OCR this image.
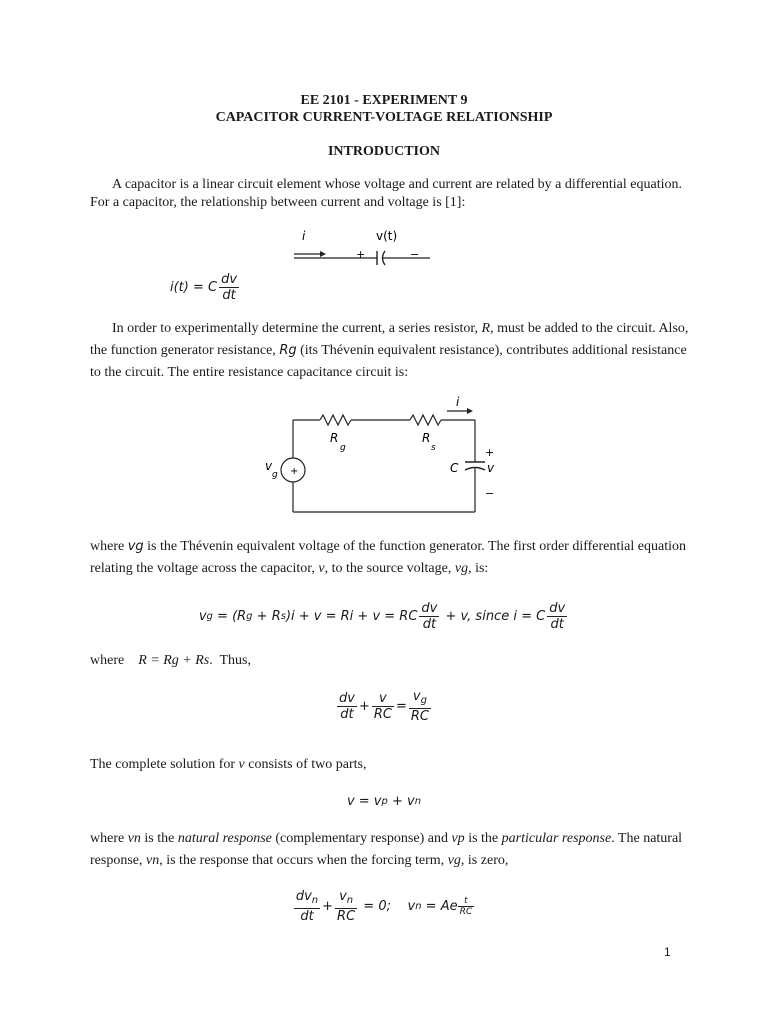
EE 2101 - EXPERIMENT 9
CAPACITOR CURRENT-VOLTAGE RELATIONSHIP
INTRODUCTION
A capacitor is a linear circuit element whose voltage and current are related by a differential equation. For a capacitor, the relationship between current and voltage is [1]:
i	v(t)
+	−
i(t) = C $\frac{dv}{dt}$
In order to experimentally determine the current, a series resistor, R, must be added to the circuit. Also, the function generator resistance, Rg (its Thévenin equivalent resistance), contributes additional resistance to the circuit. The entire resistance capacitance circuit is:
+
i
R
g
R
s
v
g	C
+
v
−
where vg is the Thévenin equivalent voltage of the function generator. The first order differential equation relating the voltage across the capacitor, v, to the source voltage, vg, is:
v g = (R g + R s )i + v = Ri + v = RC $\frac{dv}{dt} + v$, since i = C $\frac{dv}{dt}$
where    R = Rg + Rs.  Thus,
$\frac{dv}{dt} + \frac{v}{RC} = \frac{v_g}{RC}$
The complete solution for v consists of two parts,
v = v p + v n
where vn is the natural response (complementary response) and vp is the particular response. The natural response, vn, is the response that occurs when the forcing term, vg, is zero,
$\frac{dv_n}{dt} + \frac{v_n}{RC} = 0$;    v n = Ae $\frac{t}{RC}$
1
